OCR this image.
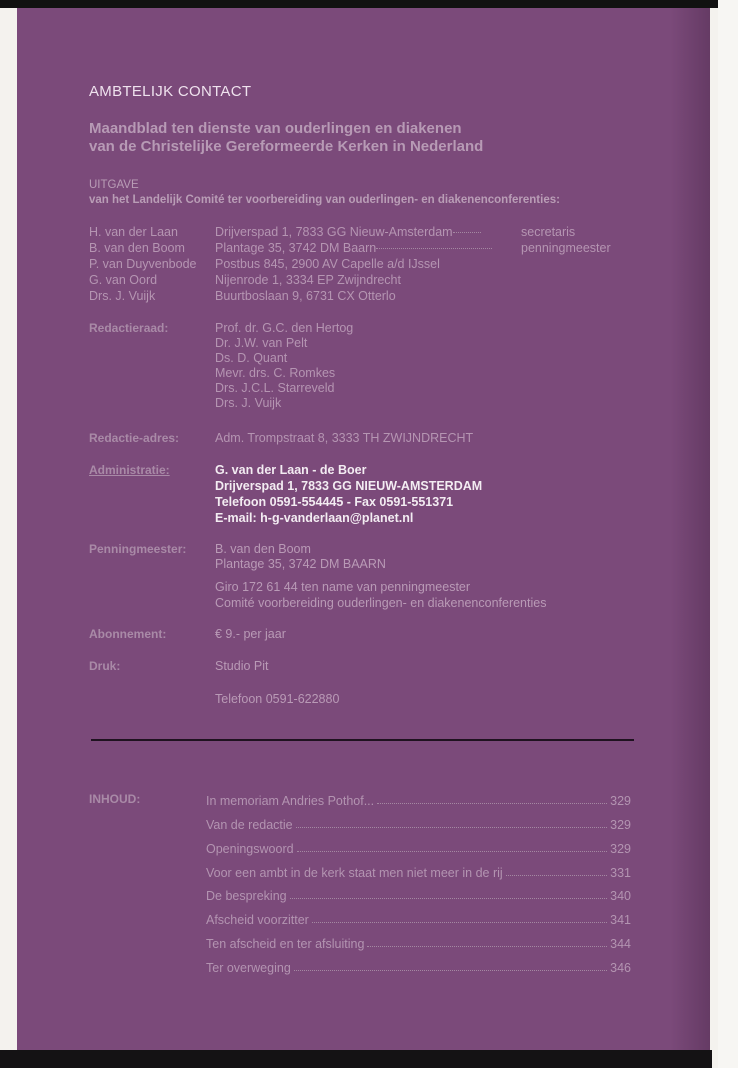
AMBTELIJK CONTACT
Maandblad ten dienste van ouderlingen en diakenen
van de Christelijke Gereformeerde Kerken in Nederland
UITGAVE
van het Landelijk Comité ter voorbereiding van ouderlingen- en diakenenconferenties:
H. van der Laan	Drijverspad 1, 7833 GG Nieuw-Amsterdam	secretaris
B. van den Boom Plantage 35, 3742 DM Baarn	penningmeester
P. van Duyvenbode Postbus 845, 2900 AV Capelle a/d IJssel
G. van Oord	Nijenrode 1, 3334 EP Zwijndrecht
Drs. J. Vuijk	Buurtboslaan 9, 6731 CX Otterlo
Redactieraad:	Prof. dr. G.C. den Hertog
Dr. J.W. van Pelt
Ds. D. Quant
Mevr. drs. C. Romkes
Drs. J.C.L. Starreveld
Drs. J. Vuijk
Redactie-adres:	Adm. Trompstraat 8, 3333 TH ZWIJNDRECHT
Administratie:	G. van der Laan - de Boer
Drijverspad 1, 7833 GG NIEUW-AMSTERDAM
Telefoon 0591-554445 - Fax 0591-551371
E-mail: h-g-vanderlaan@planet.nl
Penningmeester: B. van den Boom
Plantage 35, 3742 DM BAARN
Giro 172 61 44 ten name van penningmeester
Comité voorbereiding ouderlingen- en diakenenconferenties
Abonnement:	€ 9.- per jaar
Druk:	Studio Pit
Telefoon 0591-622880
INHOUD:	In memoriam Andries Pothof...	329
Van de redactie	329
Openingswoord	329
Voor een ambt in de kerk staat men niet meer in de rij	331
De bespreking	340
Afscheid voorzitter	341
Ten afscheid en ter afsluiting	344
Ter overweging	346
